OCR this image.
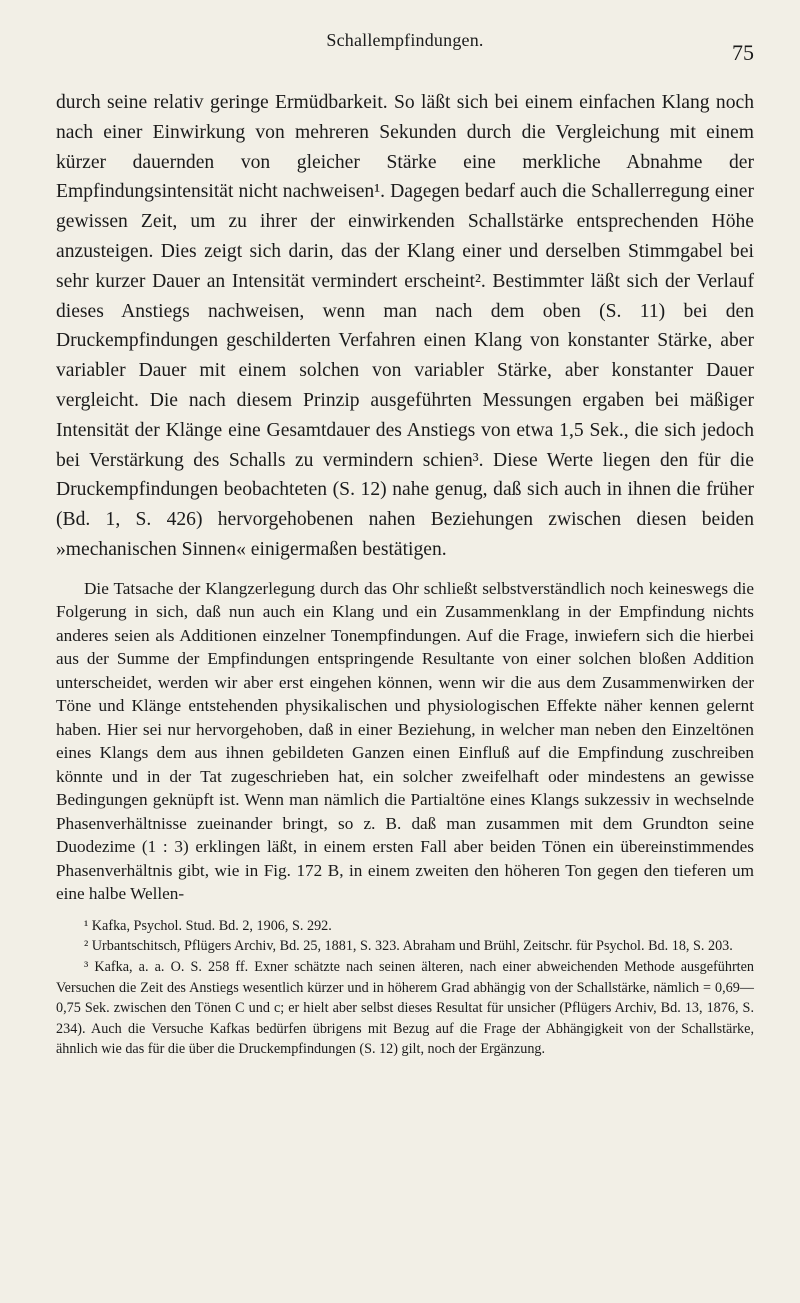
Schallempfindungen.	75

durch seine relativ geringe Ermüdbarkeit. So läßt sich bei einem einfachen Klang noch nach einer Einwirkung von mehreren Sekunden durch die Vergleichung mit einem kürzer dauernden von gleicher Stärke eine merkliche Abnahme der Empfindungsintensität nicht nachweisen¹. Dagegen bedarf auch die Schallerregung einer gewissen Zeit, um zu ihrer der einwirkenden Schallstärke entsprechenden Höhe anzusteigen. Dies zeigt sich darin, das der Klang einer und derselben Stimmgabel bei sehr kurzer Dauer an Intensität vermindert erscheint². Bestimmter läßt sich der Verlauf dieses Anstiegs nachweisen, wenn man nach dem oben (S. 11) bei den Druckempfindungen geschilderten Verfahren einen Klang von konstanter Stärke, aber variabler Dauer mit einem solchen von variabler Stärke, aber konstanter Dauer vergleicht. Die nach diesem Prinzip ausgeführten Messungen ergaben bei mäßiger Intensität der Klänge eine Gesamtdauer des Anstiegs von etwa 1,5 Sek., die sich jedoch bei Verstärkung des Schalls zu vermindern schien³. Diese Werte liegen den für die Druckempfindungen beobachteten (S. 12) nahe genug, daß sich auch in ihnen die früher (Bd. 1, S. 426) hervorgehobenen nahen Beziehungen zwischen diesen beiden »mechanischen Sinnen« einigermaßen bestätigen.

Die Tatsache der Klangzerlegung durch das Ohr schließt selbstverständlich noch keineswegs die Folgerung in sich, daß nun auch ein Klang und ein Zusammenklang in der Empfindung nichts anderes seien als Additionen einzelner Tonempfindungen. Auf die Frage, inwiefern sich die hierbei aus der Summe der Empfindungen entspringende Resultante von einer solchen bloßen Addition unterscheidet, werden wir aber erst eingehen können, wenn wir die aus dem Zusammenwirken der Töne und Klänge entstehenden physikalischen und physiologischen Effekte näher kennen gelernt haben. Hier sei nur hervorgehoben, daß in einer Beziehung, in welcher man neben den Einzeltönen eines Klangs dem aus ihnen gebildeten Ganzen einen Einfluß auf die Empfindung zuschreiben könnte und in der Tat zugeschrieben hat, ein solcher zweifelhaft oder mindestens an gewisse Bedingungen geknüpft ist. Wenn man nämlich die Partialtöne eines Klangs sukzessiv in wechselnde Phasenverhältnisse zueinander bringt, so z. B. daß man zusammen mit dem Grundton seine Duodezime (1 : 3) erklingen läßt, in einem ersten Fall aber beiden Tönen ein übereinstimmendes Phasenverhältnis gibt, wie in Fig. 172 B, in einem zweiten den höheren Ton gegen den tieferen um eine halbe Wellen-

¹ Kafka, Psychol. Stud. Bd. 2, 1906, S. 292.

² Urbantschitsch, Pflügers Archiv, Bd. 25, 1881, S. 323. Abraham und Brühl, Zeitschr. für Psychol. Bd. 18, S. 203.

³ Kafka, a. a. O. S. 258 ff. Exner schätzte nach seinen älteren, nach einer abweichenden Methode ausgeführten Versuchen die Zeit des Anstiegs wesentlich kürzer und in höherem Grad abhängig von der Schallstärke, nämlich = 0,69—0,75 Sek. zwischen den Tönen C und c; er hielt aber selbst dieses Resultat für unsicher (Pflügers Archiv, Bd. 13, 1876, S. 234). Auch die Versuche Kafkas bedürfen übrigens mit Bezug auf die Frage der Abhängigkeit von der Schallstärke, ähnlich wie das für die über die Druckempfindungen (S. 12) gilt, noch der Ergänzung.
